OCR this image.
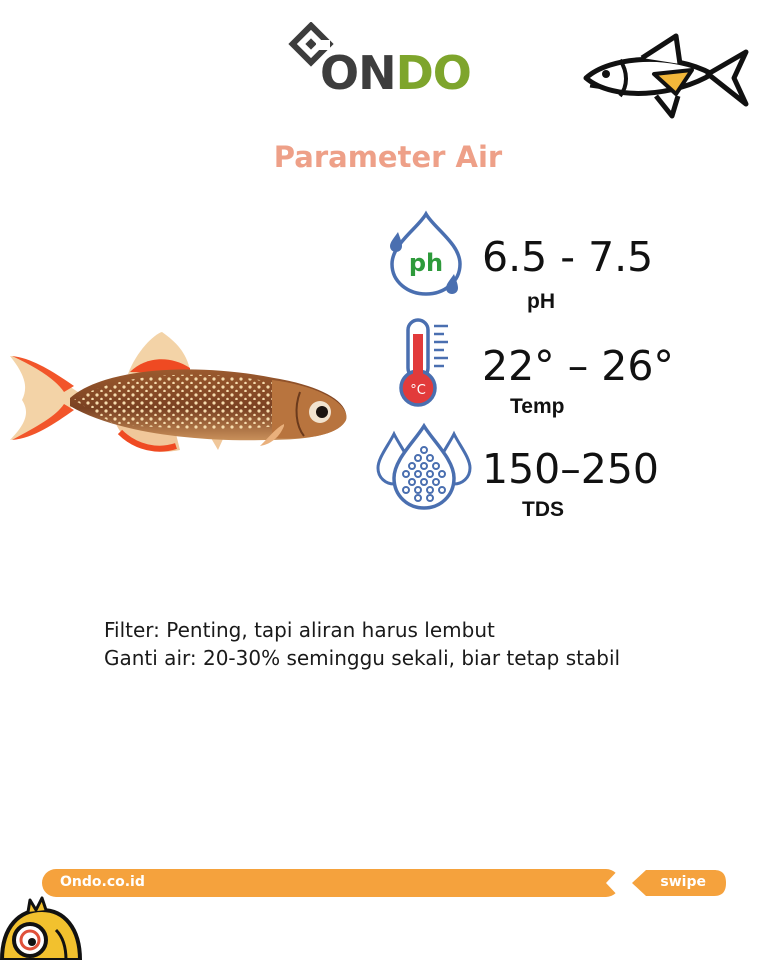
ONDO
Parameter Air
ph 6.5 - 7.5
pH
°C
22° – 26°
Temp
150–250
TDS
Filter: Penting, tapi aliran harus lembut
Ganti air: 20-30% seminggu sekali, biar tetap stabil
Ondo.co.id	swipe
